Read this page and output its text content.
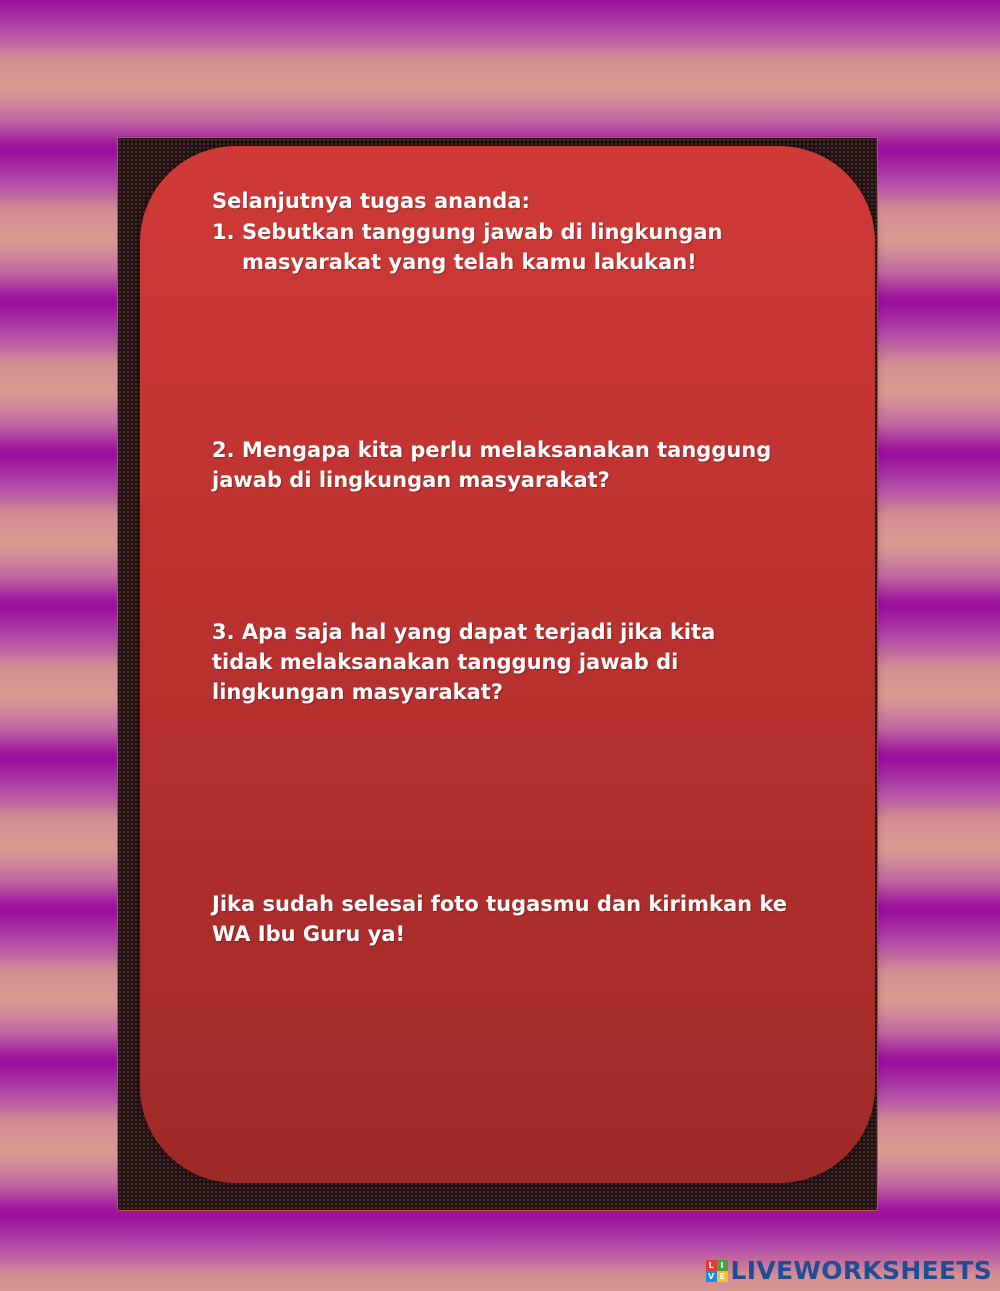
Selanjutnya tugas ananda:
1. Sebutkan tanggung jawab di lingkungan masyarakat yang telah kamu lakukan!
2. Mengapa kita perlu melaksanakan tanggung jawab di lingkungan masyarakat?
3. Apa saja hal yang dapat terjadi jika kita tidak melaksanakan tanggung jawab di lingkungan masyarakat?
Jika sudah selesai foto tugasmu dan kirimkan ke WA Ibu Guru ya!
L I
V E LIVEWORKSHEETS
